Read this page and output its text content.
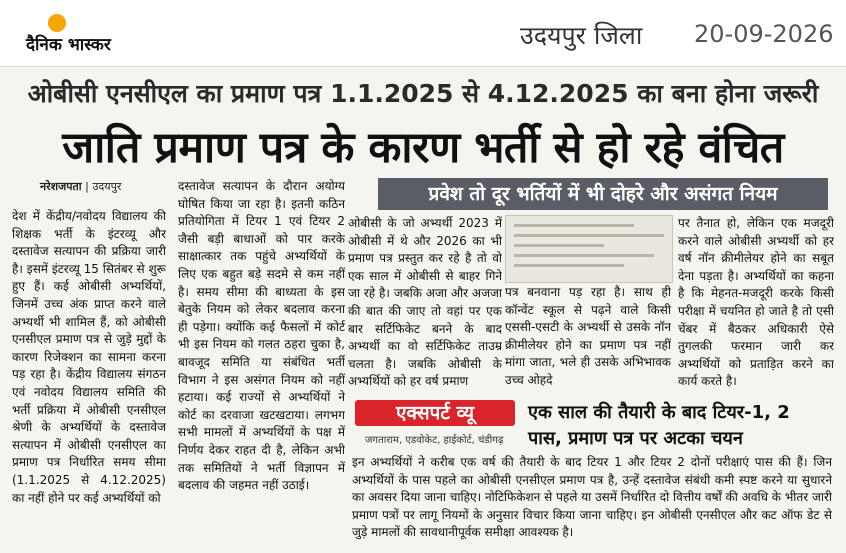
दैनिक भास्कर	उदयपुर जिला 20-09-2026
ओबीसी एनसीएल का प्रमाण पत्र 1.1.2025 से 4.12.2025 का बना होना जरूरी
जाति प्रमाण पत्र के कारण भर्ती से हो रहे वंचित
नरेशजपता | उदयपुर

देश में केंद्रीय/नवोदय विद्यालय की शिक्षक भर्ती के इंटरव्यू और दस्तावेज सत्यापन की प्रक्रिया जारी है। इसमें इंटरव्यू 15 सितंबर से शुरू हुए हैं। कई ओबीसी अभ्यर्थियों, जिनमें उच्च अंक प्राप्त करने वाले अभ्यर्थी भी शामिल हैं, को ओबीसी एनसीएल प्रमाण पत्र से जुड़े मुद्दों के कारण रिजेक्शन का सामना करना पड़ रहा है। केंद्रीय विद्यालय संगठन एवं नवोदय विद्यालय समिति की भर्ती प्रक्रिया में ओबीसी एनसीएल श्रेणी के अभ्यर्थियों के दस्तावेज सत्यापन में ओबीसी एनसीएल का प्रमाण पत्र निर्धारित समय सीमा (1.1.2025 से 4.12.2025) का नहीं होने पर कई अभ्यर्थियों को

दस्तावेज सत्यापन के दौरान अयोग्य घोषित किया जा रहा है। इतनी कठिन प्रतियोगिता में टियर 1 एवं टियर 2 जैसी बड़ी बाधाओं को पार करके साक्षात्कार तक पहुंचे अभ्यर्थियों के लिए एक बहुत बड़े सदमे से कम नहीं है। समय सीमा की बाध्यता के इस बेतुके नियम को लेकर बदलाव करना ही पड़ेगा। क्योंकि कई फैसलों में कोर्ट भी इस नियम को गलत ठहरा चुका है, बावजूद समिति या संबंधित भर्ती विभाग ने इस असंगत नियम को नहीं हटाया। कई राज्यों से अभ्यर्थियों ने कोर्ट का दरवाजा खटखटाया। लगभग सभी मामलों में अभ्यर्थियों के पक्ष में निर्णय देकर राहत दी है, लेकिन अभी तक समितियों ने भर्ती विज्ञापन में बदलाव की जहमत नहीं उठाई।

प्रवेश तो दूर भर्तियों में भी दोहरे और असंगत नियम

ओबीसी के जो अभ्यर्थी 2023 में ओबीसी में थे और 2026 का भी प्रमाण पत्र प्रस्तुत कर रहे है तो वो एक साल में ओबीसी से बाहर गिने जा रहे है। जबकि अजा और अजजा की बात की जाए तो वहां पर एक बार सर्टिफिकेट बनने के बाद अभ्यर्थी का वो सर्टिफिकेट ताउम्र चलता है। जबकि ओबीसी के अभ्यर्थियों को हर वर्ष प्रमाण

पत्र बनवाना पड़ रहा है। साथ ही कॉन्वेंट स्कूल से पढ़ने वाले किसी एससी-एसटी के अभ्यर्थी से उसके नॉन क्रीमीलेयर होने का प्रमाण पत्र नहीं मांगा जाता, भले ही उसके अभिभावक उच्च ओहदे

पर तैनात हो, लेकिन एक मजदूरी करने वाले ओबीसी अभ्यर्थी को हर वर्ष नॉन क्रीमीलेयर होने का सबूत देना पड़ता है। अभ्यर्थियों का कहना है कि मेहनत-मजदूरी करके किसी परीक्षा में चयनित हो जाते है तो एसी चेंबर में बैठकर अधिकारी ऐसे तुगलकी फरमान जारी कर अभ्यर्थियों को प्रताड़ित करने का कार्य करते है।

एक्सपर्ट व्यू
जगताराम, एडवोकेट, हाईकोर्ट, चंडीगढ़
एक साल की तैयारी के बाद टियर-1, 2
पास, प्रमाण पत्र पर अटका चयन

इन अभ्यर्थियों ने करीब एक वर्ष की तैयारी के बाद टियर 1 और टियर 2 दोनों परीक्षाएं पास की हैं। जिन अभ्यर्थियों के पास पहले का ओबीसी एनसीएल प्रमाण पत्र है, उन्हें दस्तावेज संबंधी कमी स्पष्ट करने या सुधारने का अवसर दिया जाना चाहिए। नोटिफिकेशन से पहले या उसमें निर्धारित दो वित्तीय वर्षों की अवधि के भीतर जारी प्रमाण पत्रों पर लागू नियमों के अनुसार विचार किया जाना चाहिए। इन ओबीसी एनसीएल और कट ऑफ डेट से जुड़े मामलों की सावधानीपूर्वक समीक्षा आवश्यक है।
